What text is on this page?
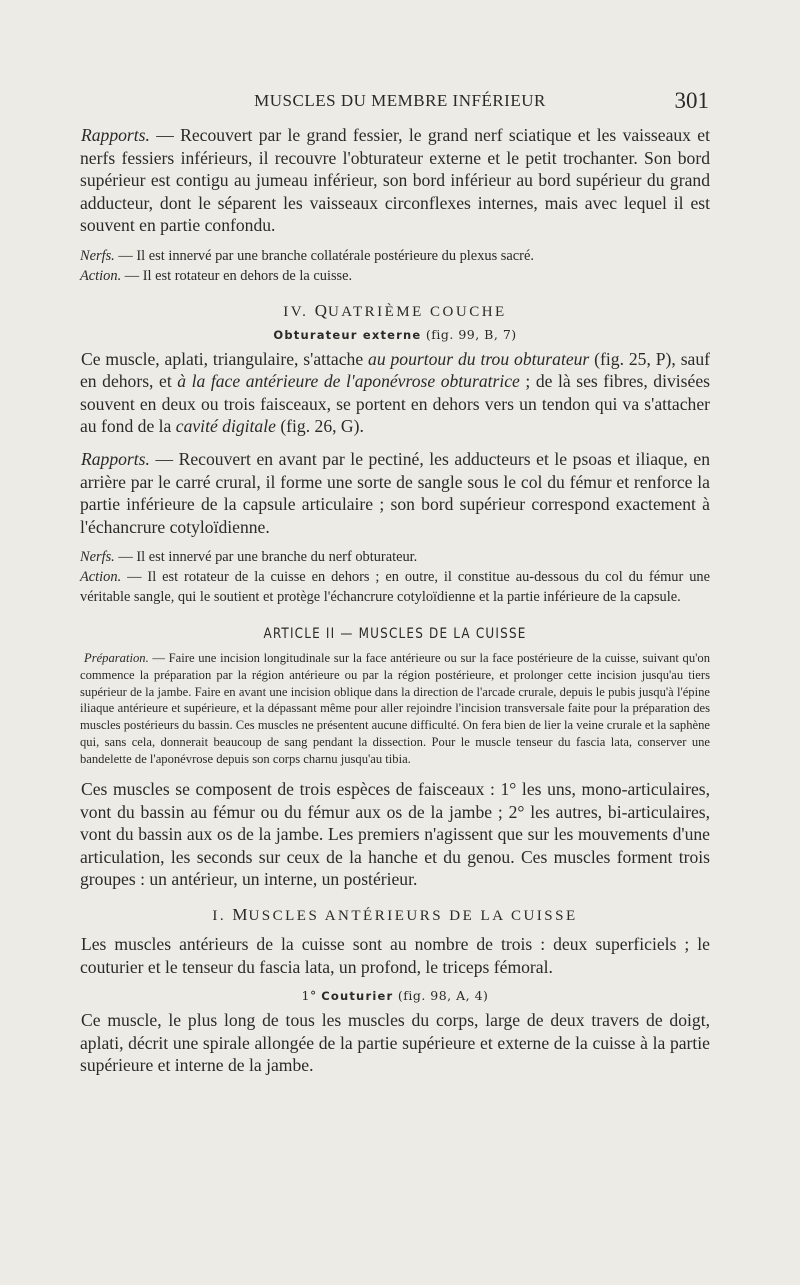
MUSCLES DU MEMBRE INFÉRIEUR	301

Rapports. — Recouvert par le grand fessier, le grand nerf sciatique et les vaisseaux et nerfs fessiers inférieurs, il recouvre l'obturateur externe et le petit trochanter. Son bord supérieur est contigu au jumeau inférieur, son bord inférieur au bord supérieur du grand adducteur, dont le séparent les vaisseaux circonflexes internes, mais avec lequel il est souvent en partie confondu.

Nerfs. — Il est innervé par une branche collatérale postérieure du plexus sacré.

Action. — Il est rotateur en dehors de la cuisse.

IV. QUATRIÈME COUCHE
Obturateur externe (fig. 99, B, 7)

Ce muscle, aplati, triangulaire, s'attache au pourtour du trou obturateur (fig. 25, P), sauf en dehors, et à la face antérieure de l'aponévrose obturatrice ; de là ses fibres, divisées souvent en deux ou trois faisceaux, se portent en dehors vers un tendon qui va s'attacher au fond de la cavité digitale (fig. 26, G).

Rapports. — Recouvert en avant par le pectiné, les adducteurs et le psoas et iliaque, en arrière par le carré crural, il forme une sorte de sangle sous le col du fémur et renforce la partie inférieure de la capsule articulaire ; son bord supérieur correspond exactement à l'échancrure cotyloïdienne.

Nerfs. — Il est innervé par une branche du nerf obturateur.

Action. — Il est rotateur de la cuisse en dehors ; en outre, il constitue au-dessous du col du fémur une véritable sangle, qui le soutient et protège l'échancrure cotyloïdienne et la partie inférieure de la capsule.

ARTICLE II — MUSCLES DE LA CUISSE

Préparation. — Faire une incision longitudinale sur la face antérieure ou sur la face postérieure de la cuisse, suivant qu'on commence la préparation par la région antérieure ou par la région postérieure, et prolonger cette incision jusqu'au tiers supérieur de la jambe. Faire en avant une incision oblique dans la direction de l'arcade crurale, depuis le pubis jusqu'à l'épine iliaque antérieure et supérieure, et la dépassant même pour aller rejoindre l'incision transversale faite pour la préparation des muscles postérieurs du bassin. Ces muscles ne présentent aucune difficulté. On fera bien de lier la veine crurale et la saphène qui, sans cela, donnerait beaucoup de sang pendant la dissection. Pour le muscle tenseur du fascia lata, conserver une bandelette de l'aponévrose depuis son corps charnu jusqu'au tibia.

Ces muscles se composent de trois espèces de faisceaux : 1° les uns, mono-articulaires, vont du bassin au fémur ou du fémur aux os de la jambe ; 2° les autres, bi-articulaires, vont du bassin aux os de la jambe. Les premiers n'agissent que sur les mouvements d'une articulation, les seconds sur ceux de la hanche et du genou. Ces muscles forment trois groupes : un antérieur, un interne, un postérieur.

I. MUSCLES ANTÉRIEURS DE LA CUISSE

Les muscles antérieurs de la cuisse sont au nombre de trois : deux superficiels ; le couturier et le tenseur du fascia lata, un profond, le triceps fémoral.

1° Couturier (fig. 98, A, 4)

Ce muscle, le plus long de tous les muscles du corps, large de deux travers de doigt, aplati, décrit une spirale allongée de la partie supérieure et externe de la cuisse à la partie supérieure et interne de la jambe.
